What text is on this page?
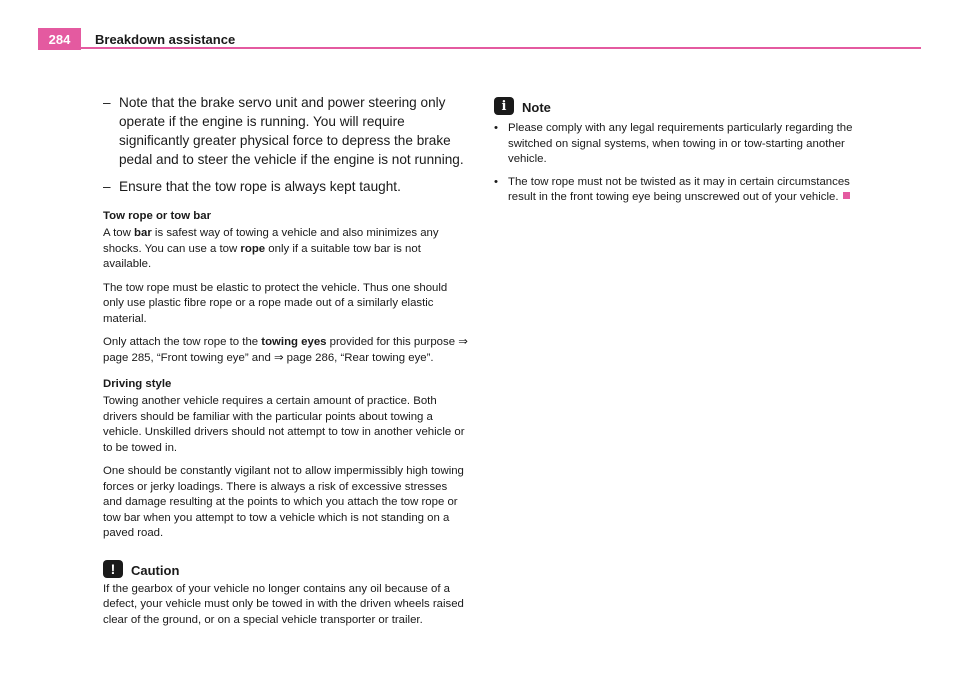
284 Breakdown assistance
– Note that the brake servo unit and power steering only operate if the engine is running. You will require significantly greater physical force to depress the brake pedal and to steer the vehicle if the engine is not running.
– Ensure that the tow rope is always kept taught.
Tow rope or tow bar
A tow bar is safest way of towing a vehicle and also minimizes any shocks. You can use a tow rope only if a suitable tow bar is not available.
The tow rope must be elastic to protect the vehicle. Thus one should only use plastic fibre rope or a rope made out of a similarly elastic material.
Only attach the tow rope to the towing eyes provided for this purpose ⇒ page 285, “Front towing eye” and ⇒ page 286, “Rear towing eye”.
Driving style
Towing another vehicle requires a certain amount of practice. Both drivers should be familiar with the particular points about towing a vehicle. Unskilled drivers should not attempt to tow in another vehicle or to be towed in.
One should be constantly vigilant not to allow impermissibly high towing forces or jerky loadings. There is always a risk of excessive stresses and damage resulting at the points to which you attach the tow rope or tow bar when you attempt to tow a vehicle which is not standing on a paved road.
!	Caution
If the gearbox of your vehicle no longer contains any oil because of a defect, your vehicle must only be towed in with the driven wheels raised clear of the ground, or on a special vehicle transporter or trailer.
i	Note
• Please comply with any legal requirements particularly regarding the switched on signal systems, when towing in or tow-starting another vehicle.
• The tow rope must not be twisted as it may in certain circumstances result in the front towing eye being unscrewed out of your vehicle.
